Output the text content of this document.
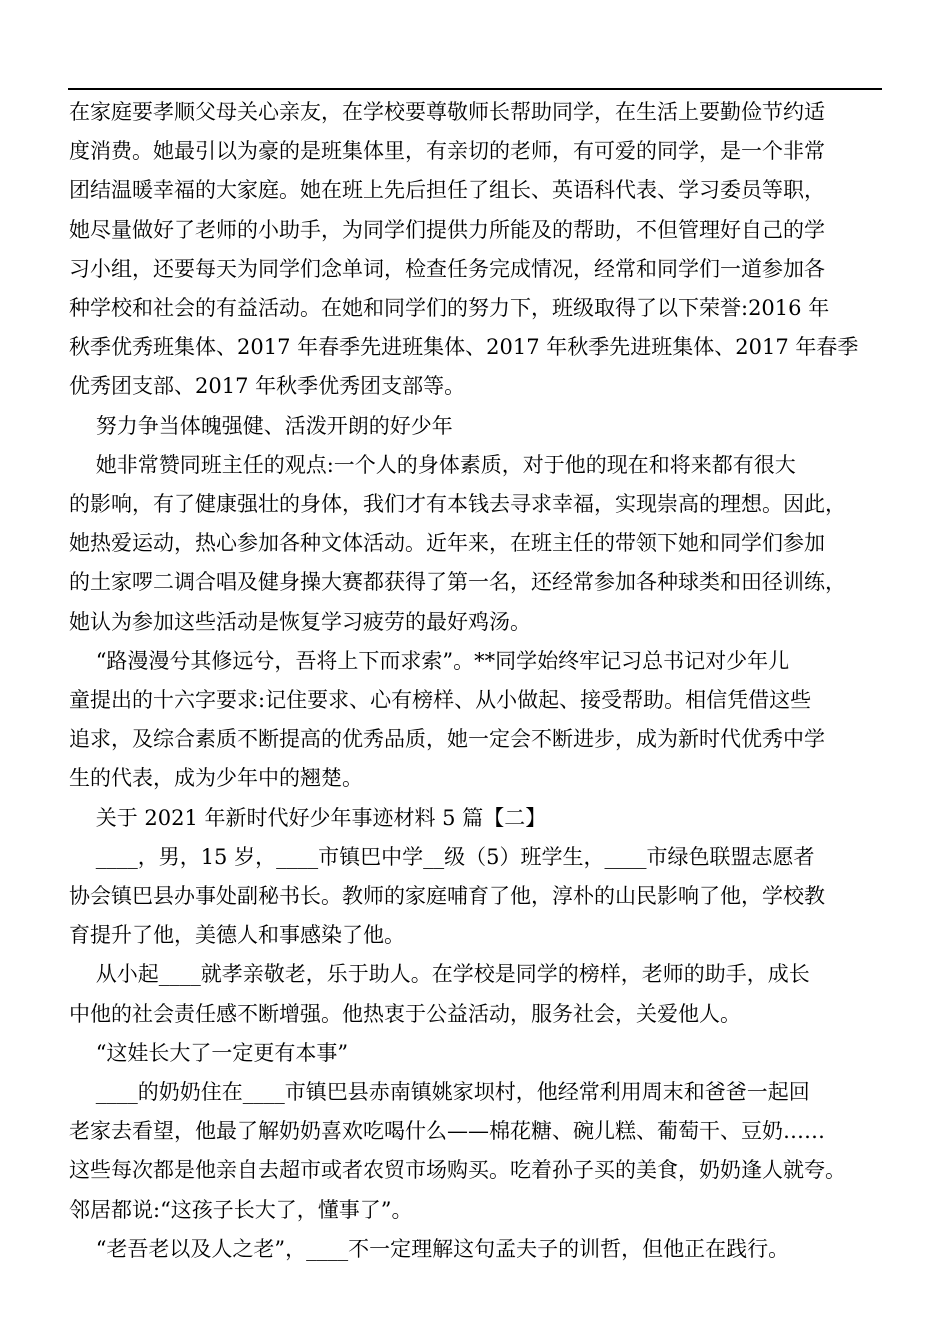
在家庭要孝顺父母关心亲友，在学校要尊敬师长帮助同学，在生活上要勤俭节约适
度消费。她最引以为豪的是班集体里，有亲切的老师，有可爱的同学，是一个非常
团结温暖幸福的大家庭。她在班上先后担任了组长、英语科代表、学习委员等职，
她尽量做好了老师的小助手，为同学们提供力所能及的帮助，不但管理好自己的学
习小组，还要每天为同学们念单词，检查任务完成情况，经常和同学们一道参加各
种学校和社会的有益活动。在她和同学们的努力下，班级取得了以下荣誉:2016 年
秋季优秀班集体、2017 年春季先进班集体、2017 年秋季先进班集体、2017 年春季
优秀团支部、2017 年秋季优秀团支部等。
努力争当体魄强健、活泼开朗的好少年
她非常赞同班主任的观点:一个人的身体素质，对于他的现在和将来都有很大
的影响，有了健康强壮的身体，我们才有本钱去寻求幸福，实现崇高的理想。因此，
她热爱运动，热心参加各种文体活动。近年来，在班主任的带领下她和同学们参加
的土家啰二调合唱及健身操大赛都获得了第一名，还经常参加各种球类和田径训练，
她认为参加这些活动是恢复学习疲劳的最好鸡汤。
“路漫漫兮其修远兮，吾将上下而求索”。**同学始终牢记习总书记对少年儿
童提出的十六字要求:记住要求、心有榜样、从小做起、接受帮助。相信凭借这些
追求，及综合素质不断提高的优秀品质，她一定会不断进步，成为新时代优秀中学
生的代表，成为少年中的翘楚。
关于 2021 年新时代好少年事迹材料 5 篇【二】
____，男，15 岁，____市镇巴中学__级（5）班学生，____市绿色联盟志愿者
协会镇巴县办事处副秘书长。教师的家庭哺育了他，淳朴的山民影响了他，学校教
育提升了他，美德人和事感染了他。
从小起____就孝亲敬老，乐于助人。在学校是同学的榜样，老师的助手，成长
中他的社会责任感不断增强。他热衷于公益活动，服务社会，关爱他人。
“这娃长大了一定更有本事”
____的奶奶住在____市镇巴县赤南镇姚家坝村，他经常利用周末和爸爸一起回
老家去看望，他最了解奶奶喜欢吃喝什么——棉花糖、碗儿糕、葡萄干、豆奶……
这些每次都是他亲自去超市或者农贸市场购买。吃着孙子买的美食，奶奶逢人就夸。
邻居都说:“这孩子长大了，懂事了”。
“老吾老以及人之老”，____不一定理解这句孟夫子的训哲，但他正在践行。
